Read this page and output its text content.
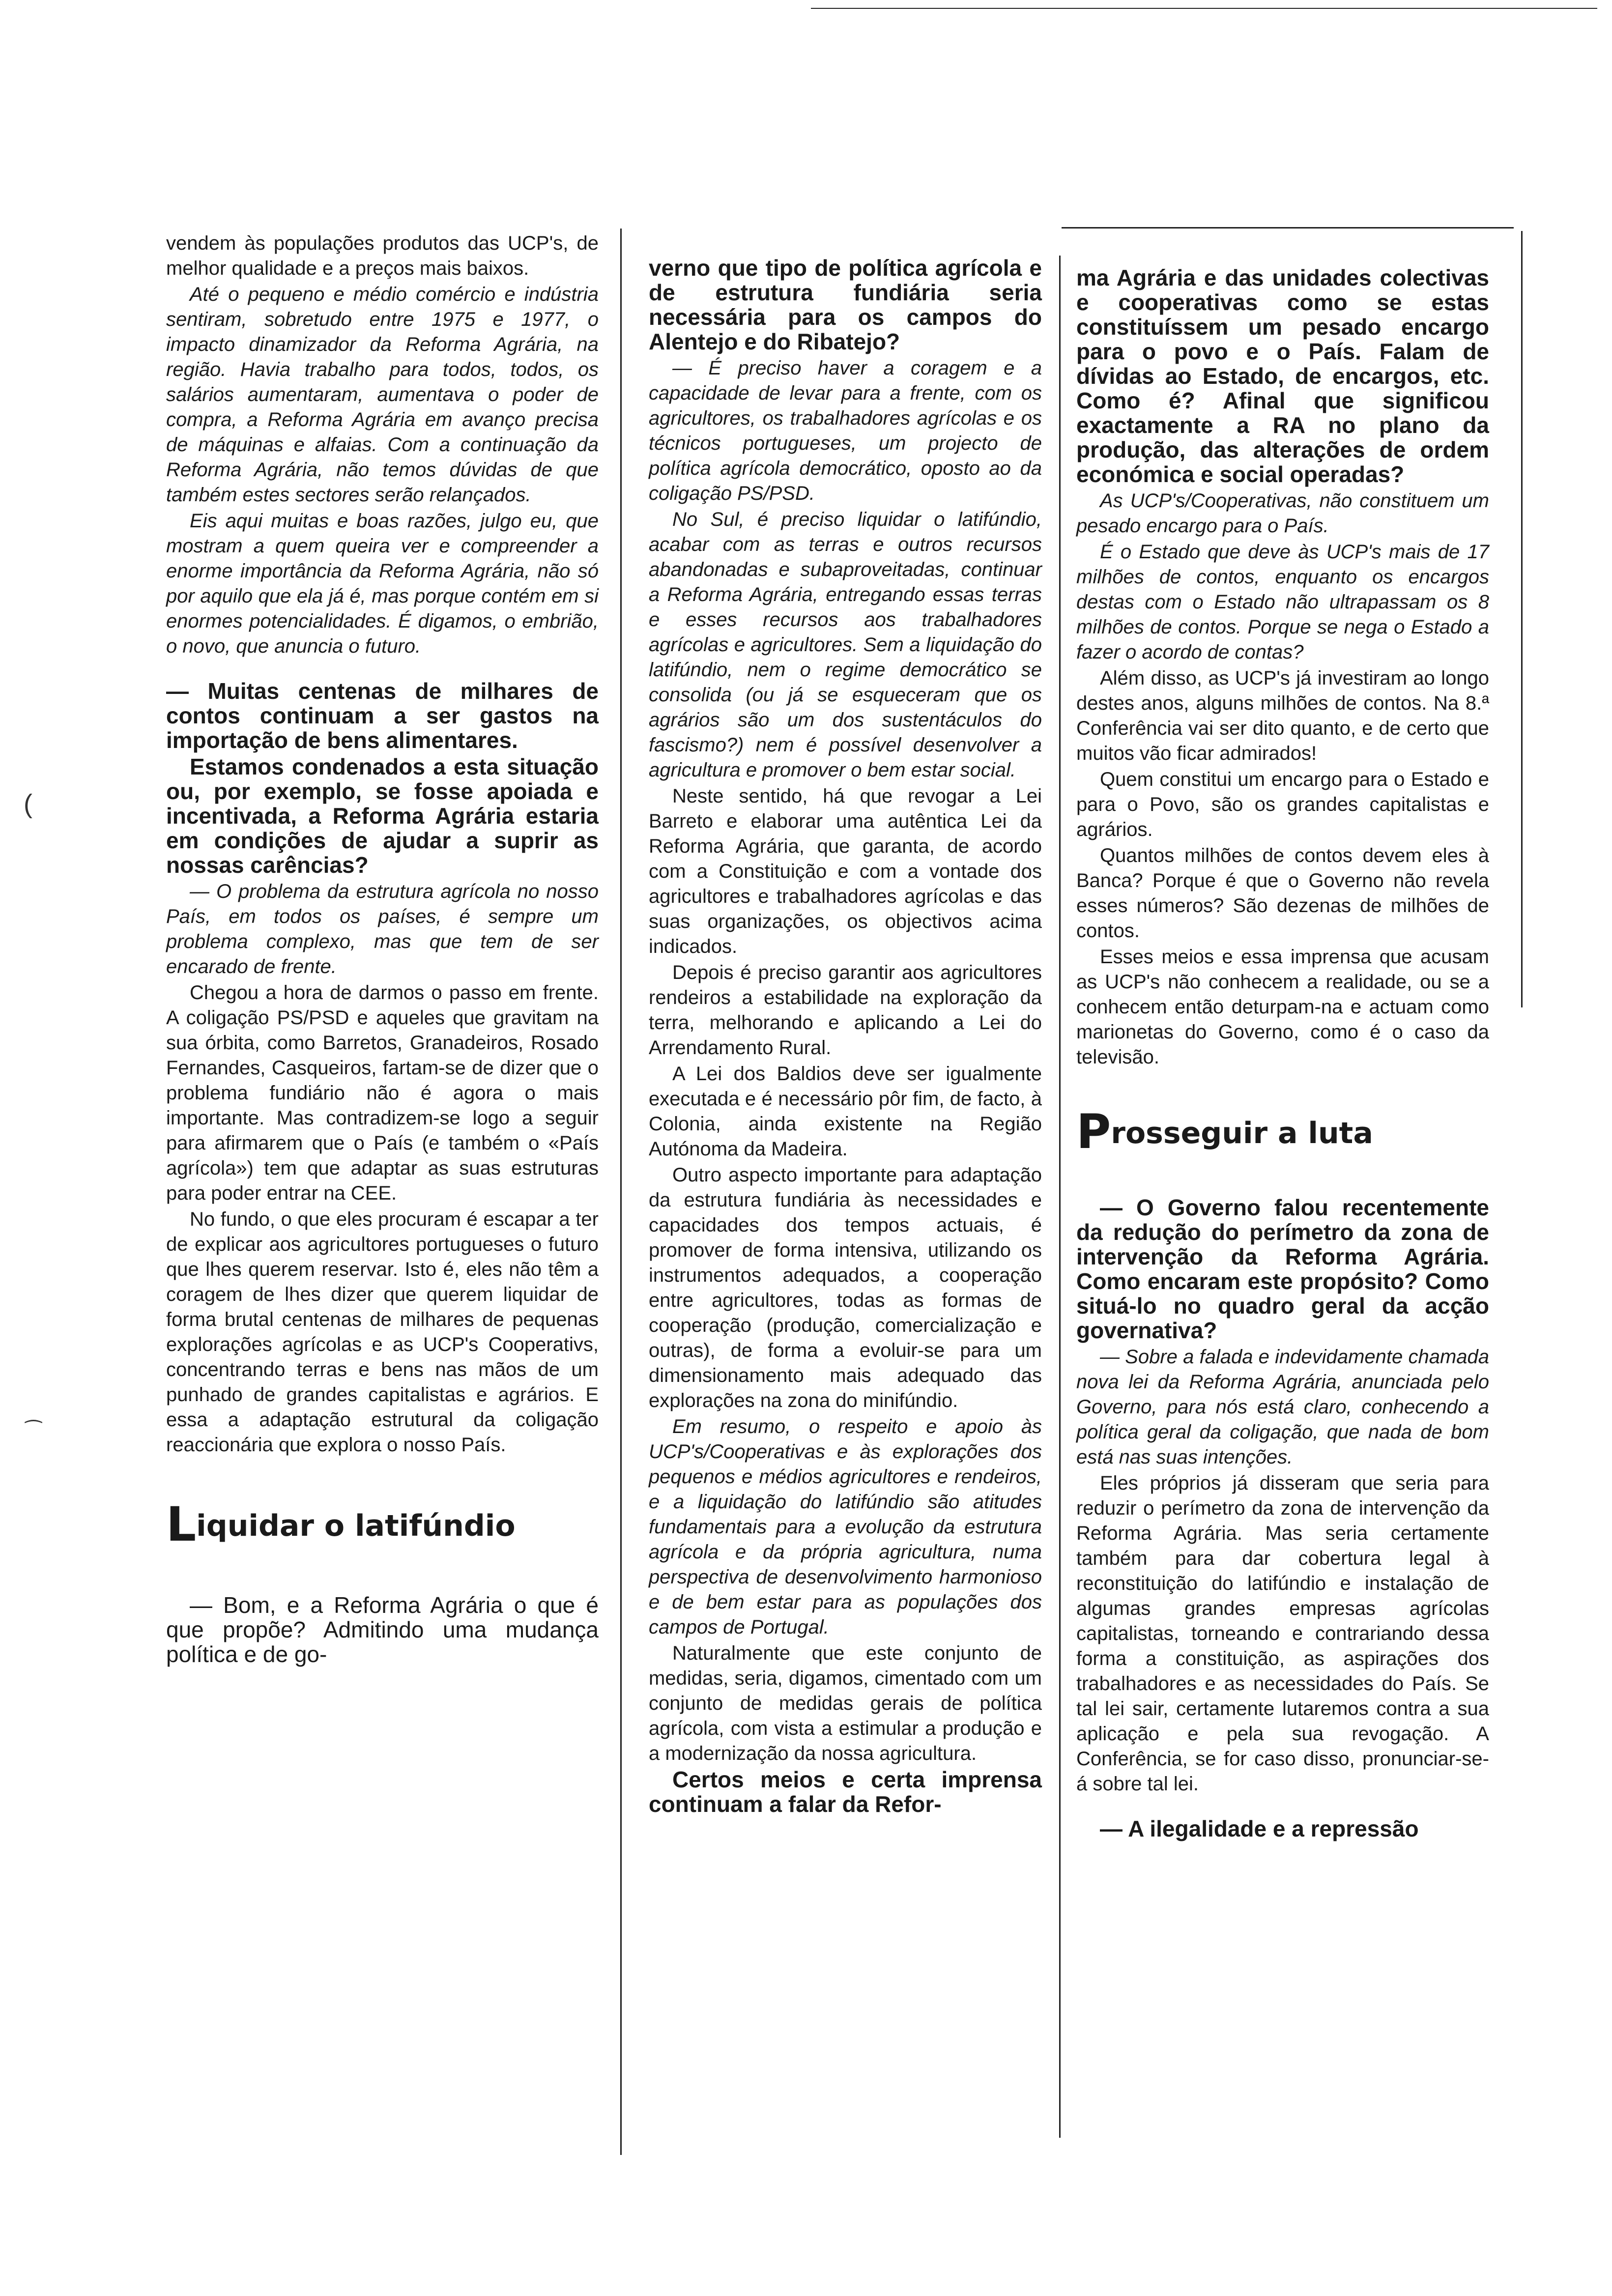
(
⁀

vendem às populações produtos das UCP's, de melhor qualidade e a preços mais baixos.

Até o pequeno e médio comércio e indústria sentiram, sobretudo entre 1975 e 1977, o impacto dinamizador da Reforma Agrária, na região. Havia trabalho para todos, todos, os salários aumentaram, aumentava o poder de compra, a Reforma Agrária em avanço precisa de máquinas e alfaias. Com a continuação da Reforma Agrária, não temos dúvidas de que também estes sectores serão relançados.

Eis aqui muitas e boas razões, julgo eu, que mostram a quem queira ver e compreender a enorme importância da Reforma Agrária, não só por aquilo que ela já é, mas porque contém em si enormes potencialidades. É digamos, o embrião, o novo, que anuncia o futuro.

— Muitas centenas de milhares de contos continuam a ser gastos na importação de bens alimentares.

Estamos condenados a esta situação ou, por exemplo, se fosse apoiada e incentivada, a Reforma Agrária estaria em condições de ajudar a suprir as nossas carências?

— O problema da estrutura agrícola no nosso País, em todos os países, é sempre um problema complexo, mas que tem de ser encarado de frente.

Chegou a hora de darmos o passo em frente. A coligação PS/PSD e aqueles que gravitam na sua órbita, como Barretos, Granadeiros, Rosado Fernandes, Casqueiros, fartam-se de dizer que o problema fundiário não é agora o mais importante. Mas contradizem-se logo a seguir para afirmarem que o País (e também o «País agrícola») tem que adaptar as suas estruturas para poder entrar na CEE.

No fundo, o que eles procuram é escapar a ter de explicar aos agricultores portugueses o futuro que lhes querem reservar. Isto é, eles não têm a coragem de lhes dizer que querem liquidar de forma brutal centenas de milhares de pequenas explorações agrícolas e as UCP's Cooperativs, concentrando terras e bens nas mãos de um punhado de grandes capitalistas e agrários. E essa a adaptação estrutural da coligação reaccionária que explora o nosso País.

Liquidar o latifúndio

— Bom, e a Reforma Agrária o que é que propõe? Admitindo uma mudança política e de go-

verno que tipo de política agrícola e de estrutura fundiária seria necessária para os campos do Alentejo e do Ribatejo?

— É preciso haver a coragem e a capacidade de levar para a frente, com os agricultores, os trabalhadores agrícolas e os técnicos portugueses, um projecto de política agrícola democrático, oposto ao da coligação PS/PSD.

No Sul, é preciso liquidar o latifúndio, acabar com as terras e outros recursos abandonadas e subaproveitadas, continuar a Reforma Agrária, entregando essas terras e esses recursos aos trabalhadores agrícolas e agricultores. Sem a liquidação do latifúndio, nem o regime democrático se consolida (ou já se esqueceram que os agrários são um dos sustentáculos do fascismo?) nem é possível desenvolver a agricultura e promover o bem estar social.

Neste sentido, há que revogar a Lei Barreto e elaborar uma autêntica Lei da Reforma Agrária, que garanta, de acordo com a Constituição e com a vontade dos agricultores e trabalhadores agrícolas e das suas organizações, os objectivos acima indicados.

Depois é preciso garantir aos agricultores rendeiros a estabilidade na exploração da terra, melhorando e aplicando a Lei do Arrendamento Rural.

A Lei dos Baldios deve ser igualmente executada e é necessário pôr fim, de facto, à Colonia, ainda existente na Região Autónoma da Madeira.

Outro aspecto importante para adaptação da estrutura fundiária às necessidades e capacidades dos tempos actuais, é promover de forma intensiva, utilizando os instrumentos adequados, a cooperação entre agricultores, todas as formas de cooperação (produção, comercialização e outras), de forma a evoluir-se para um dimensionamento mais adequado das explorações na zona do minifúndio.

Em resumo, o respeito e apoio às UCP's/Cooperativas e às explorações dos pequenos e médios agricultores e rendeiros, e a liquidação do latifúndio são atitudes fundamentais para a evolução da estrutura agrícola e da própria agricultura, numa perspectiva de desenvolvimento harmonioso e de bem estar para as populações dos campos de Portugal.

Naturalmente que este conjunto de medidas, seria, digamos, cimentado com um conjunto de medidas gerais de política agrícola, com vista a estimular a produção e a modernização da nossa agricultura.

Certos meios e certa imprensa continuam a falar da Refor-

ma Agrária e das unidades colectivas e cooperativas como se estas constituíssem um pesado encargo para o povo e o País. Falam de dívidas ao Estado, de encargos, etc. Como é? Afinal que significou exactamente a RA no plano da produção, das alterações de ordem económica e social operadas?

As UCP's/Cooperativas, não constituem um pesado encargo para o País.

É o Estado que deve às UCP's mais de 17 milhões de contos, enquanto os encargos destas com o Estado não ultrapassam os 8 milhões de contos. Porque se nega o Estado a fazer o acordo de contas?

Além disso, as UCP's já investiram ao longo destes anos, alguns milhões de contos. Na 8.ª Conferência vai ser dito quanto, e de certo que muitos vão ficar admirados!

Quem constitui um encargo para o Estado e para o Povo, são os grandes capitalistas e agrários.

Quantos milhões de contos devem eles à Banca? Porque é que o Governo não revela esses números? São dezenas de milhões de contos.

Esses meios e essa imprensa que acusam as UCP's não conhecem a realidade, ou se a conhecem então deturpam-na e actuam como marionetas do Governo, como é o caso da televisão.

Prosseguir a luta

— O Governo falou recentemente da redução do perímetro da zona de intervenção da Reforma Agrária. Como encaram este propósito? Como situá-lo no quadro geral da acção governativa?

— Sobre a falada e indevidamente chamada nova lei da Reforma Agrária, anunciada pelo Governo, para nós está claro, conhecendo a política geral da coligação, que nada de bom está nas suas intenções.

Eles próprios já disseram que seria para reduzir o perímetro da zona de intervenção da Reforma Agrária. Mas seria certamente também para dar cobertura legal à reconstituição do latifúndio e instalação de algumas grandes empresas agrícolas capitalistas, torneando e contrariando dessa forma a constituição, as aspirações dos trabalhadores e as necessidades do País. Se tal lei sair, certamente lutaremos contra a sua aplicação e pela sua revogação. A Conferência, se for caso disso, pronunciar-se-á sobre tal lei.

— A ilegalidade e a repressão
